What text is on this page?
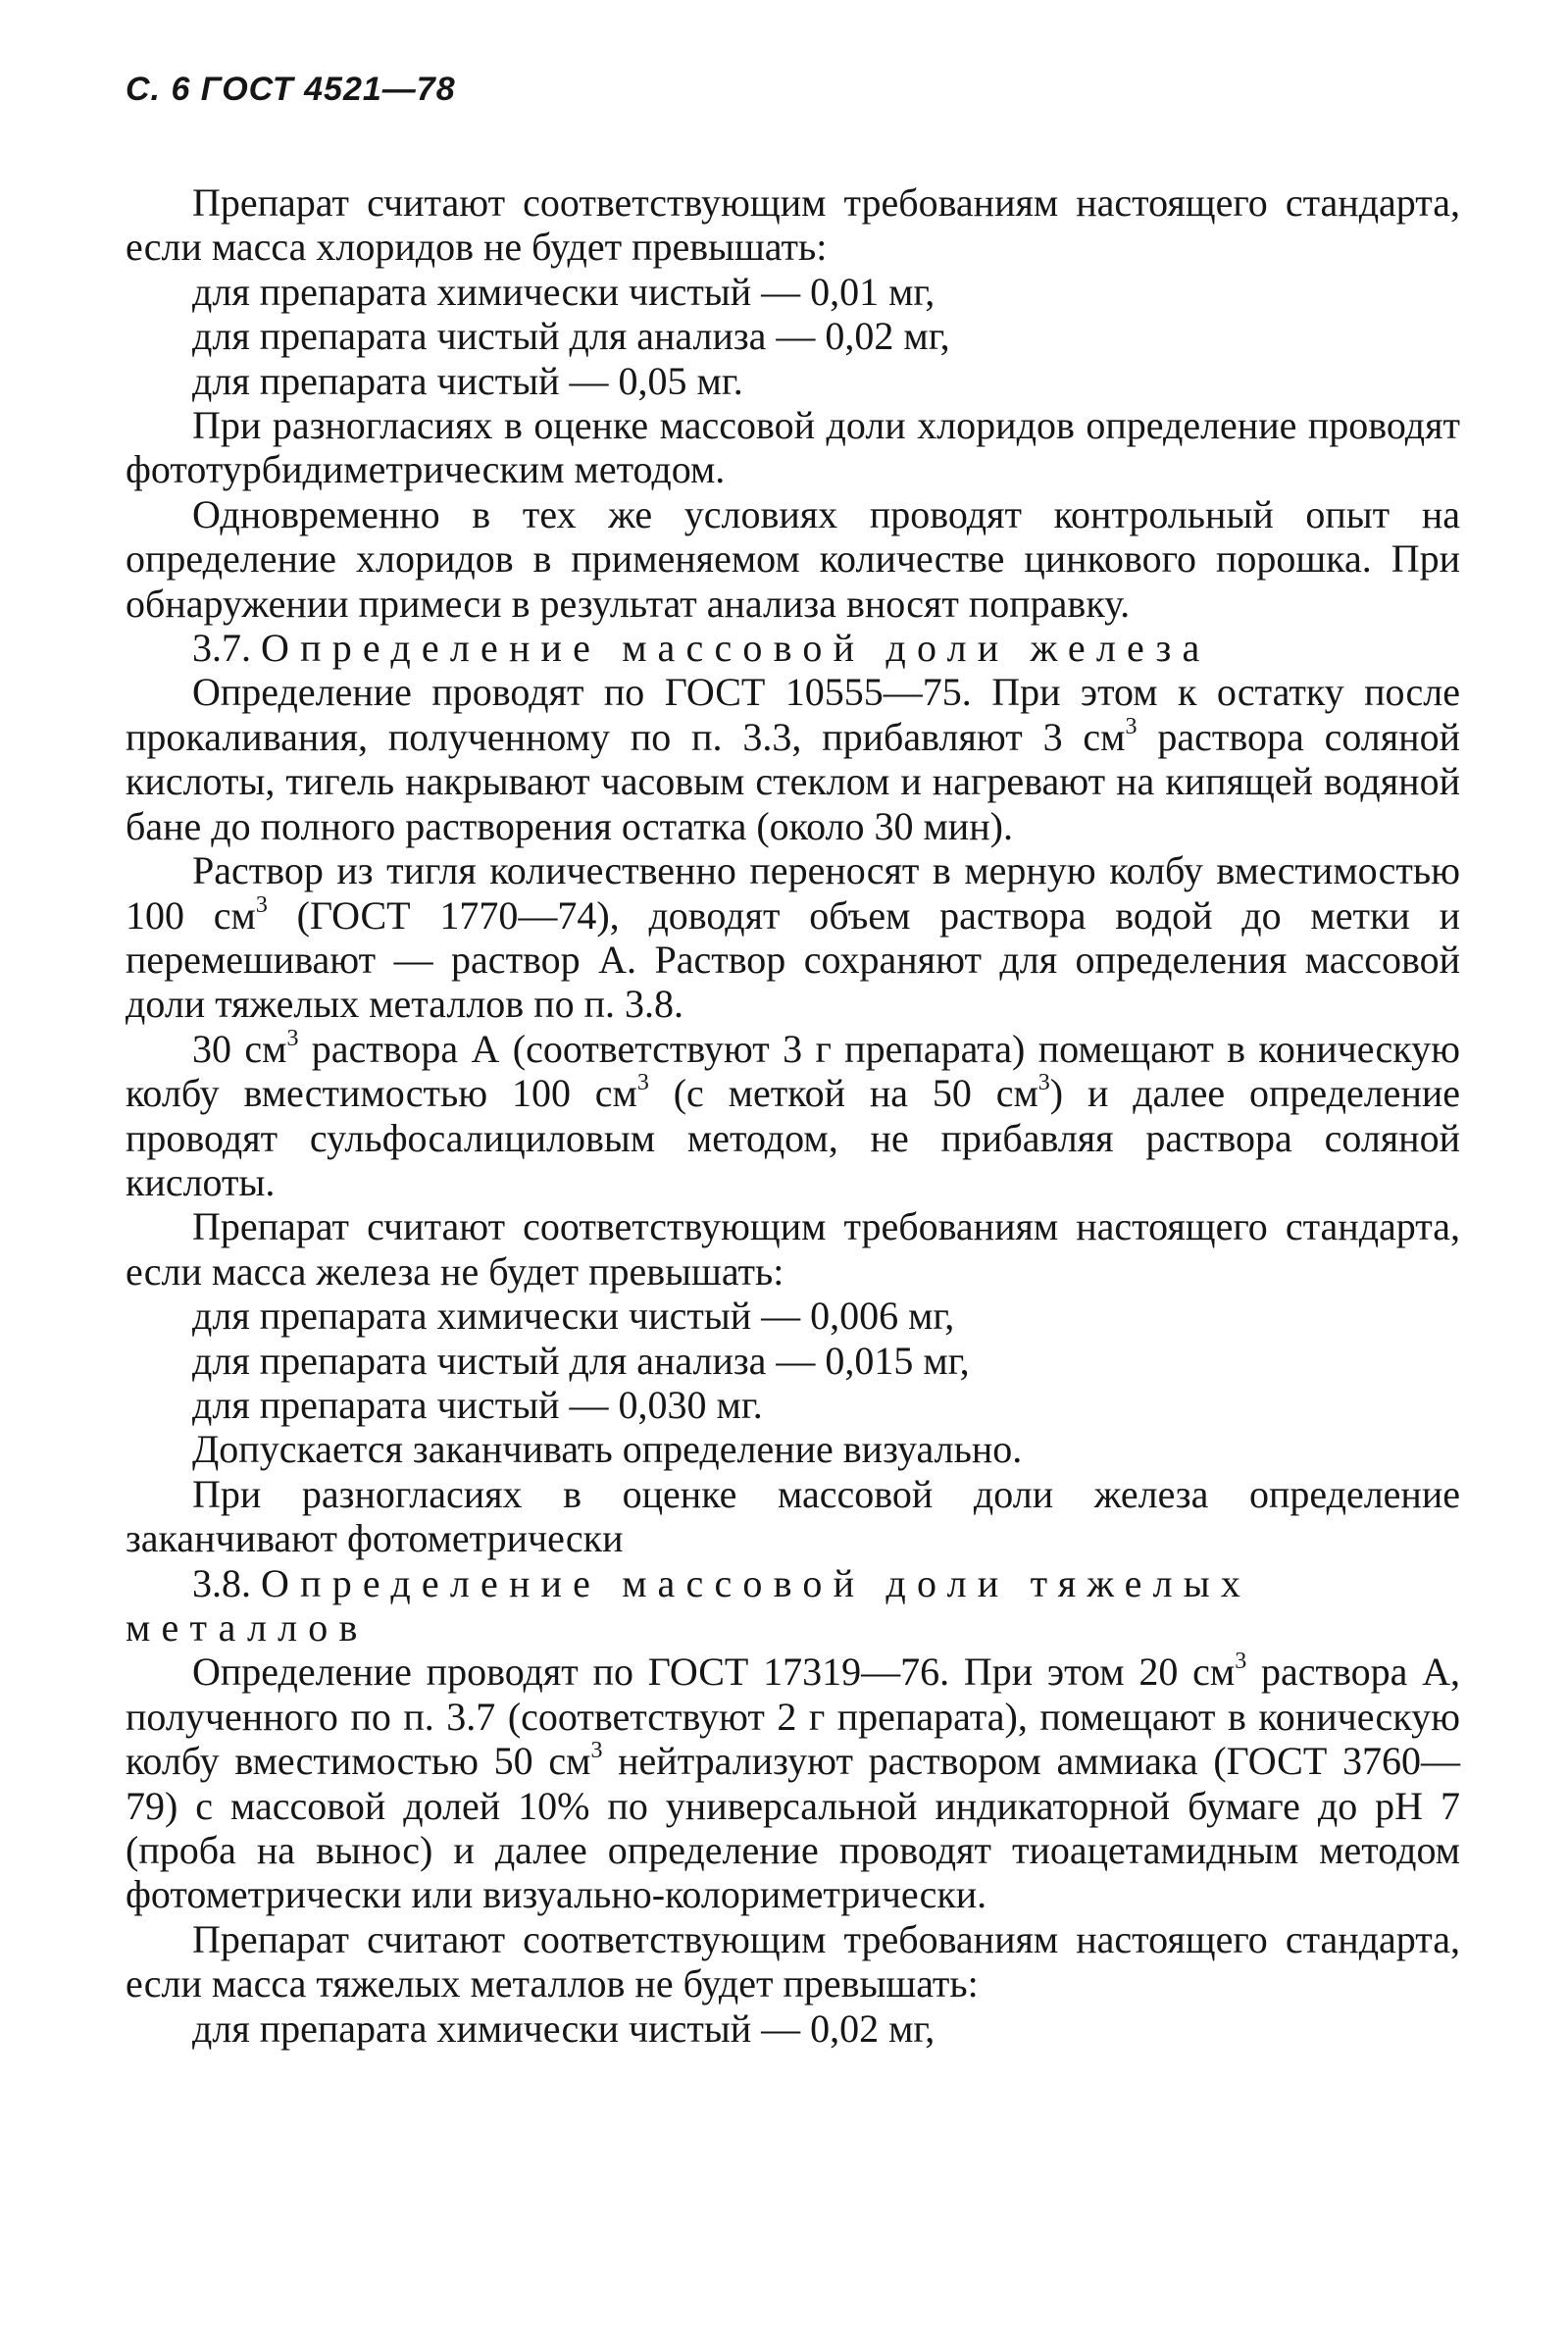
С. 6 ГОСТ 4521—78

Препарат считают соответствующим требованиям настоящего стандарта, если масса хлоридов не будет превышать:

для препарата химически чистый — 0,01 мг,

для препарата чистый для анализа — 0,02 мг,

для препарата чистый — 0,05 мг.

При разногласиях в оценке массовой доли хлоридов определение проводят фототурбидиметрическим методом.

Одновременно в тех же условиях проводят контрольный опыт на определение хлоридов в применяемом количестве цинкового порошка. При обнаружении примеси в результат анализа вносят поправку.

3.7. Определение массовой доли железа

Определение проводят по ГОСТ 10555—75. При этом к остатку после прокаливания, полученному по п. 3.3, прибавляют 3 $см^3$ раствора соляной кислоты, тигель накрывают часовым стеклом и нагревают на кипящей водяной бане до полного растворения остатка (около 30 мин).

Раствор из тигля количественно переносят в мерную колбу вместимостью 100 $см^3$ (ГОСТ 1770—74), доводят объем раствора водой до метки и перемешивают — раствор А. Раствор сохраняют для определения массовой доли тяжелых металлов по п. 3.8.

30 $см^3$ раствора А (соответствуют 3 г препарата) помещают в коническую колбу вместимостью 100 $см^3$ (с меткой на 50 $см^3$) и далее определение проводят сульфосалициловым методом, не прибавляя раствора соляной кислоты.

Препарат считают соответствующим требованиям настоящего стандарта, если масса железа не будет превышать:

для препарата химически чистый — 0,006 мг,

для препарата чистый для анализа — 0,015 мг,

для препарата чистый — 0,030 мг.

Допускается заканчивать определение визуально.

При разногласиях в оценке массовой доли железа определение заканчивают фотометрически

3.8. Определение массовой доли тяжелых металлов

Определение проводят по ГОСТ 17319—76. При этом 20 $см^3$ раствора А, полученного по п. 3.7 (соответствуют 2 г препарата), помещают в коническую колбу вместимостью 50 $см^3$ нейтрализуют раствором аммиака (ГОСТ 3760—79) с массовой долей 10% по универсальной индикаторной бумаге до pH 7 (проба на вынос) и далее определение проводят тиоацетамидным методом фотометрически или визуально-колориметрически.

Препарат считают соответствующим требованиям настоящего стандарта, если масса тяжелых металлов не будет превышать:

для препарата химически чистый — 0,02 мг,
